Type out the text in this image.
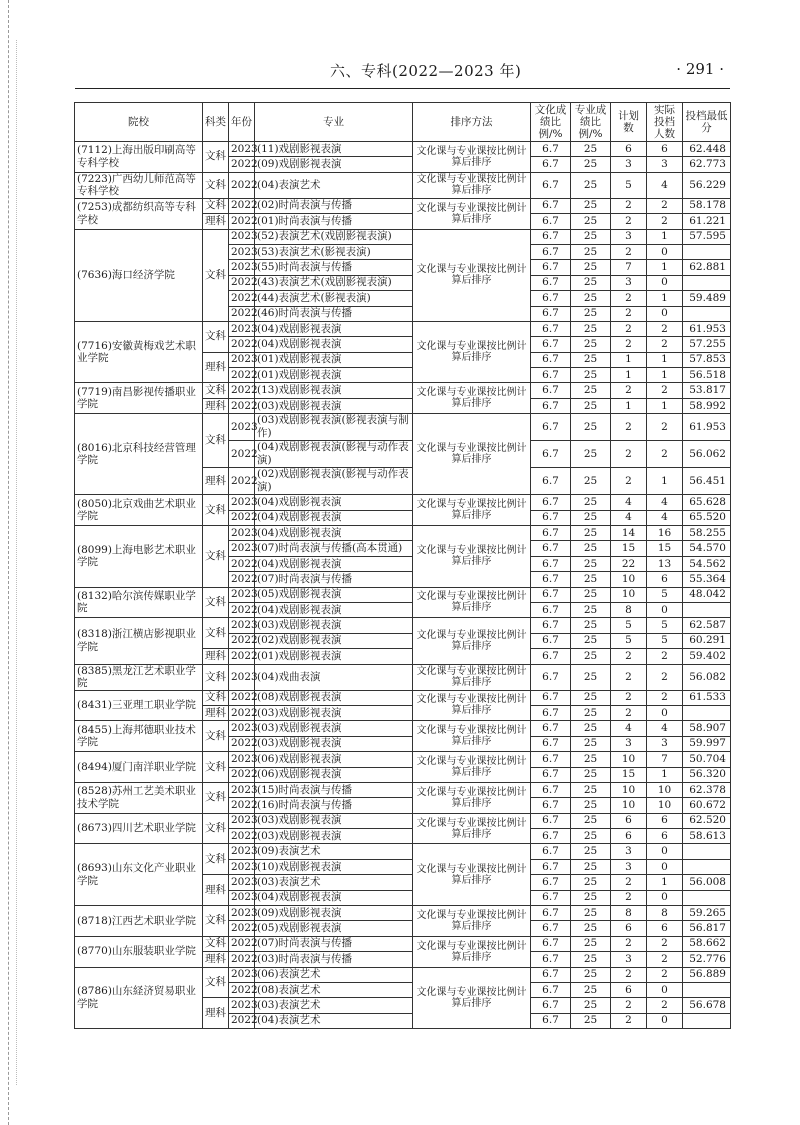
六、专科(2022—2023 年)	· 291 ·
院校	科类	年份	专业	排序方法	文化成绩比例/%	专业成绩比例/%	计划数	实际投档人数	投档最低分
(7112)上海出版印刷高等专科学校	文科	2023	(11)戏剧影视表演	文化课与专业课按比例计算后排序	6.7	25	6	6	62.448
		2022	(09)戏剧影视表演		6.7	25	3	3	62.773
(7223)广西幼儿师范高等专科学校	文科	2022	(04)表演艺术	文化课与专业课按比例计算后排序	6.7	25	5	4	56.229
(7253)成都纺织高等专科学校	文科	2022	(02)时尚表演与传播	文化课与专业课按比例计算后排序	6.7	25	2	2	58.178
	理科	2022	(01)时尚表演与传播		6.7	25	2	2	61.221
(7636)海口经济学院	文科	2023	(52)表演艺术(戏剧影视表演)	文化课与专业课按比例计算后排序	6.7	25	3	1	57.595
		2023	(53)表演艺术(影视表演)		6.7	25	2	0	
		2023	(55)时尚表演与传播		6.7	25	7	1	62.881
		2022	(43)表演艺术(戏剧影视表演)		6.7	25	3	0	
		2022	(44)表演艺术(影视表演)		6.7	25	2	1	59.489
		2022	(46)时尚表演与传播		6.7	25	2	0	
(7716)安徽黄梅戏艺术职业学院	文科	2023	(04)戏剧影视表演	文化课与专业课按比例计算后排序	6.7	25	2	2	61.953
		2022	(04)戏剧影视表演		6.7	25	2	2	57.255
	理科	2023	(01)戏剧影视表演		6.7	25	1	1	57.853
		2022	(01)戏剧影视表演		6.7	25	1	1	56.518
(7719)南昌影视传播职业学院	文科	2022	(13)戏剧影视表演	文化课与专业课按比例计算后排序	6.7	25	2	2	53.817
	理科	2022	(03)戏剧影视表演		6.7	25	1	1	58.992
(8016)北京科技经营管理学院	文科	2023	(03)戏剧影视表演(影视表演与制作)	文化课与专业课按比例计算后排序	6.7	25	2	2	61.953
		2022	(04)戏剧影视表演(影视与动作表演)		6.7	25	2	2	56.062
	理科	2022	(02)戏剧影视表演(影视与动作表演)		6.7	25	2	1	56.451
(8050)北京戏曲艺术职业学院	文科	2023	(04)戏剧影视表演	文化课与专业课按比例计算后排序	6.7	25	4	4	65.628
		2022	(04)戏剧影视表演		6.7	25	4	4	65.520
(8099)上海电影艺术职业学院	文科	2023	(04)戏剧影视表演	文化课与专业课按比例计算后排序	6.7	25	14	16	58.255
		2023	(07)时尚表演与传播(高本贯通)		6.7	25	15	15	54.570
		2022	(04)戏剧影视表演		6.7	25	22	13	54.562
		2022	(07)时尚表演与传播		6.7	25	10	6	55.364
(8132)哈尔滨传媒职业学院	文科	2023	(05)戏剧影视表演	文化课与专业课按比例计算后排序	6.7	25	10	5	48.042
		2022	(04)戏剧影视表演		6.7	25	8	0	
(8318)浙江横店影视职业学院	文科	2023	(03)戏剧影视表演	文化课与专业课按比例计算后排序	6.7	25	5	5	62.587
		2022	(02)戏剧影视表演		6.7	25	5	5	60.291
	理科	2022	(01)戏剧影视表演		6.7	25	2	2	59.402
(8385)黑龙江艺术职业学院	文科	2023	(04)戏曲表演	文化课与专业课按比例计算后排序	6.7	25	2	2	56.082
(8431)三亚理工职业学院	文科	2022	(08)戏剧影视表演	文化课与专业课按比例计算后排序	6.7	25	2	2	61.533
	理科	2022	(03)戏剧影视表演		6.7	25	2	0	
(8455)上海邦德职业技术学院	文科	2023	(03)戏剧影视表演	文化课与专业课按比例计算后排序	6.7	25	4	4	58.907
		2022	(03)戏剧影视表演		6.7	25	3	3	59.997
(8494)厦门南洋职业学院	文科	2023	(06)戏剧影视表演	文化课与专业课按比例计算后排序	6.7	25	10	7	50.704
		2022	(06)戏剧影视表演		6.7	25	15	1	56.320
(8528)苏州工艺美术职业技术学院	文科	2023	(15)时尚表演与传播	文化课与专业课按比例计算后排序	6.7	25	10	10	62.378
		2022	(16)时尚表演与传播		6.7	25	10	10	60.672
(8673)四川艺术职业学院	文科	2023	(03)戏剧影视表演	文化课与专业课按比例计算后排序	6.7	25	6	6	62.520
		2022	(03)戏剧影视表演		6.7	25	6	6	58.613
(8693)山东文化产业职业学院	文科	2023	(09)表演艺术	文化课与专业课按比例计算后排序	6.7	25	3	0	
		2023	(10)戏剧影视表演		6.7	25	3	0	
	理科	2023	(03)表演艺术		6.7	25	2	1	56.008
		2023	(04)戏剧影视表演		6.7	25	2	0	
(8718)江西艺术职业学院	文科	2023	(09)戏剧影视表演	文化课与专业课按比例计算后排序	6.7	25	8	8	59.265
		2022	(05)戏剧影视表演		6.7	25	6	6	56.817
(8770)山东服装职业学院	文科	2022	(07)时尚表演与传播	文化课与专业课按比例计算后排序	6.7	25	2	2	58.662
	理科	2022	(03)时尚表演与传播		6.7	25	3	2	52.776
(8786)山东経济贸易职业学院	文科	2023	(06)表演艺术	文化课与专业课按比例计算后排序	6.7	25	2	2	56.889
		2022	(08)表演艺术		6.7	25	6	0	
	理科	2023	(03)表演艺术		6.7	25	2	2	56.678
		2022	(04)表演艺术		6.7	25	2	0	
